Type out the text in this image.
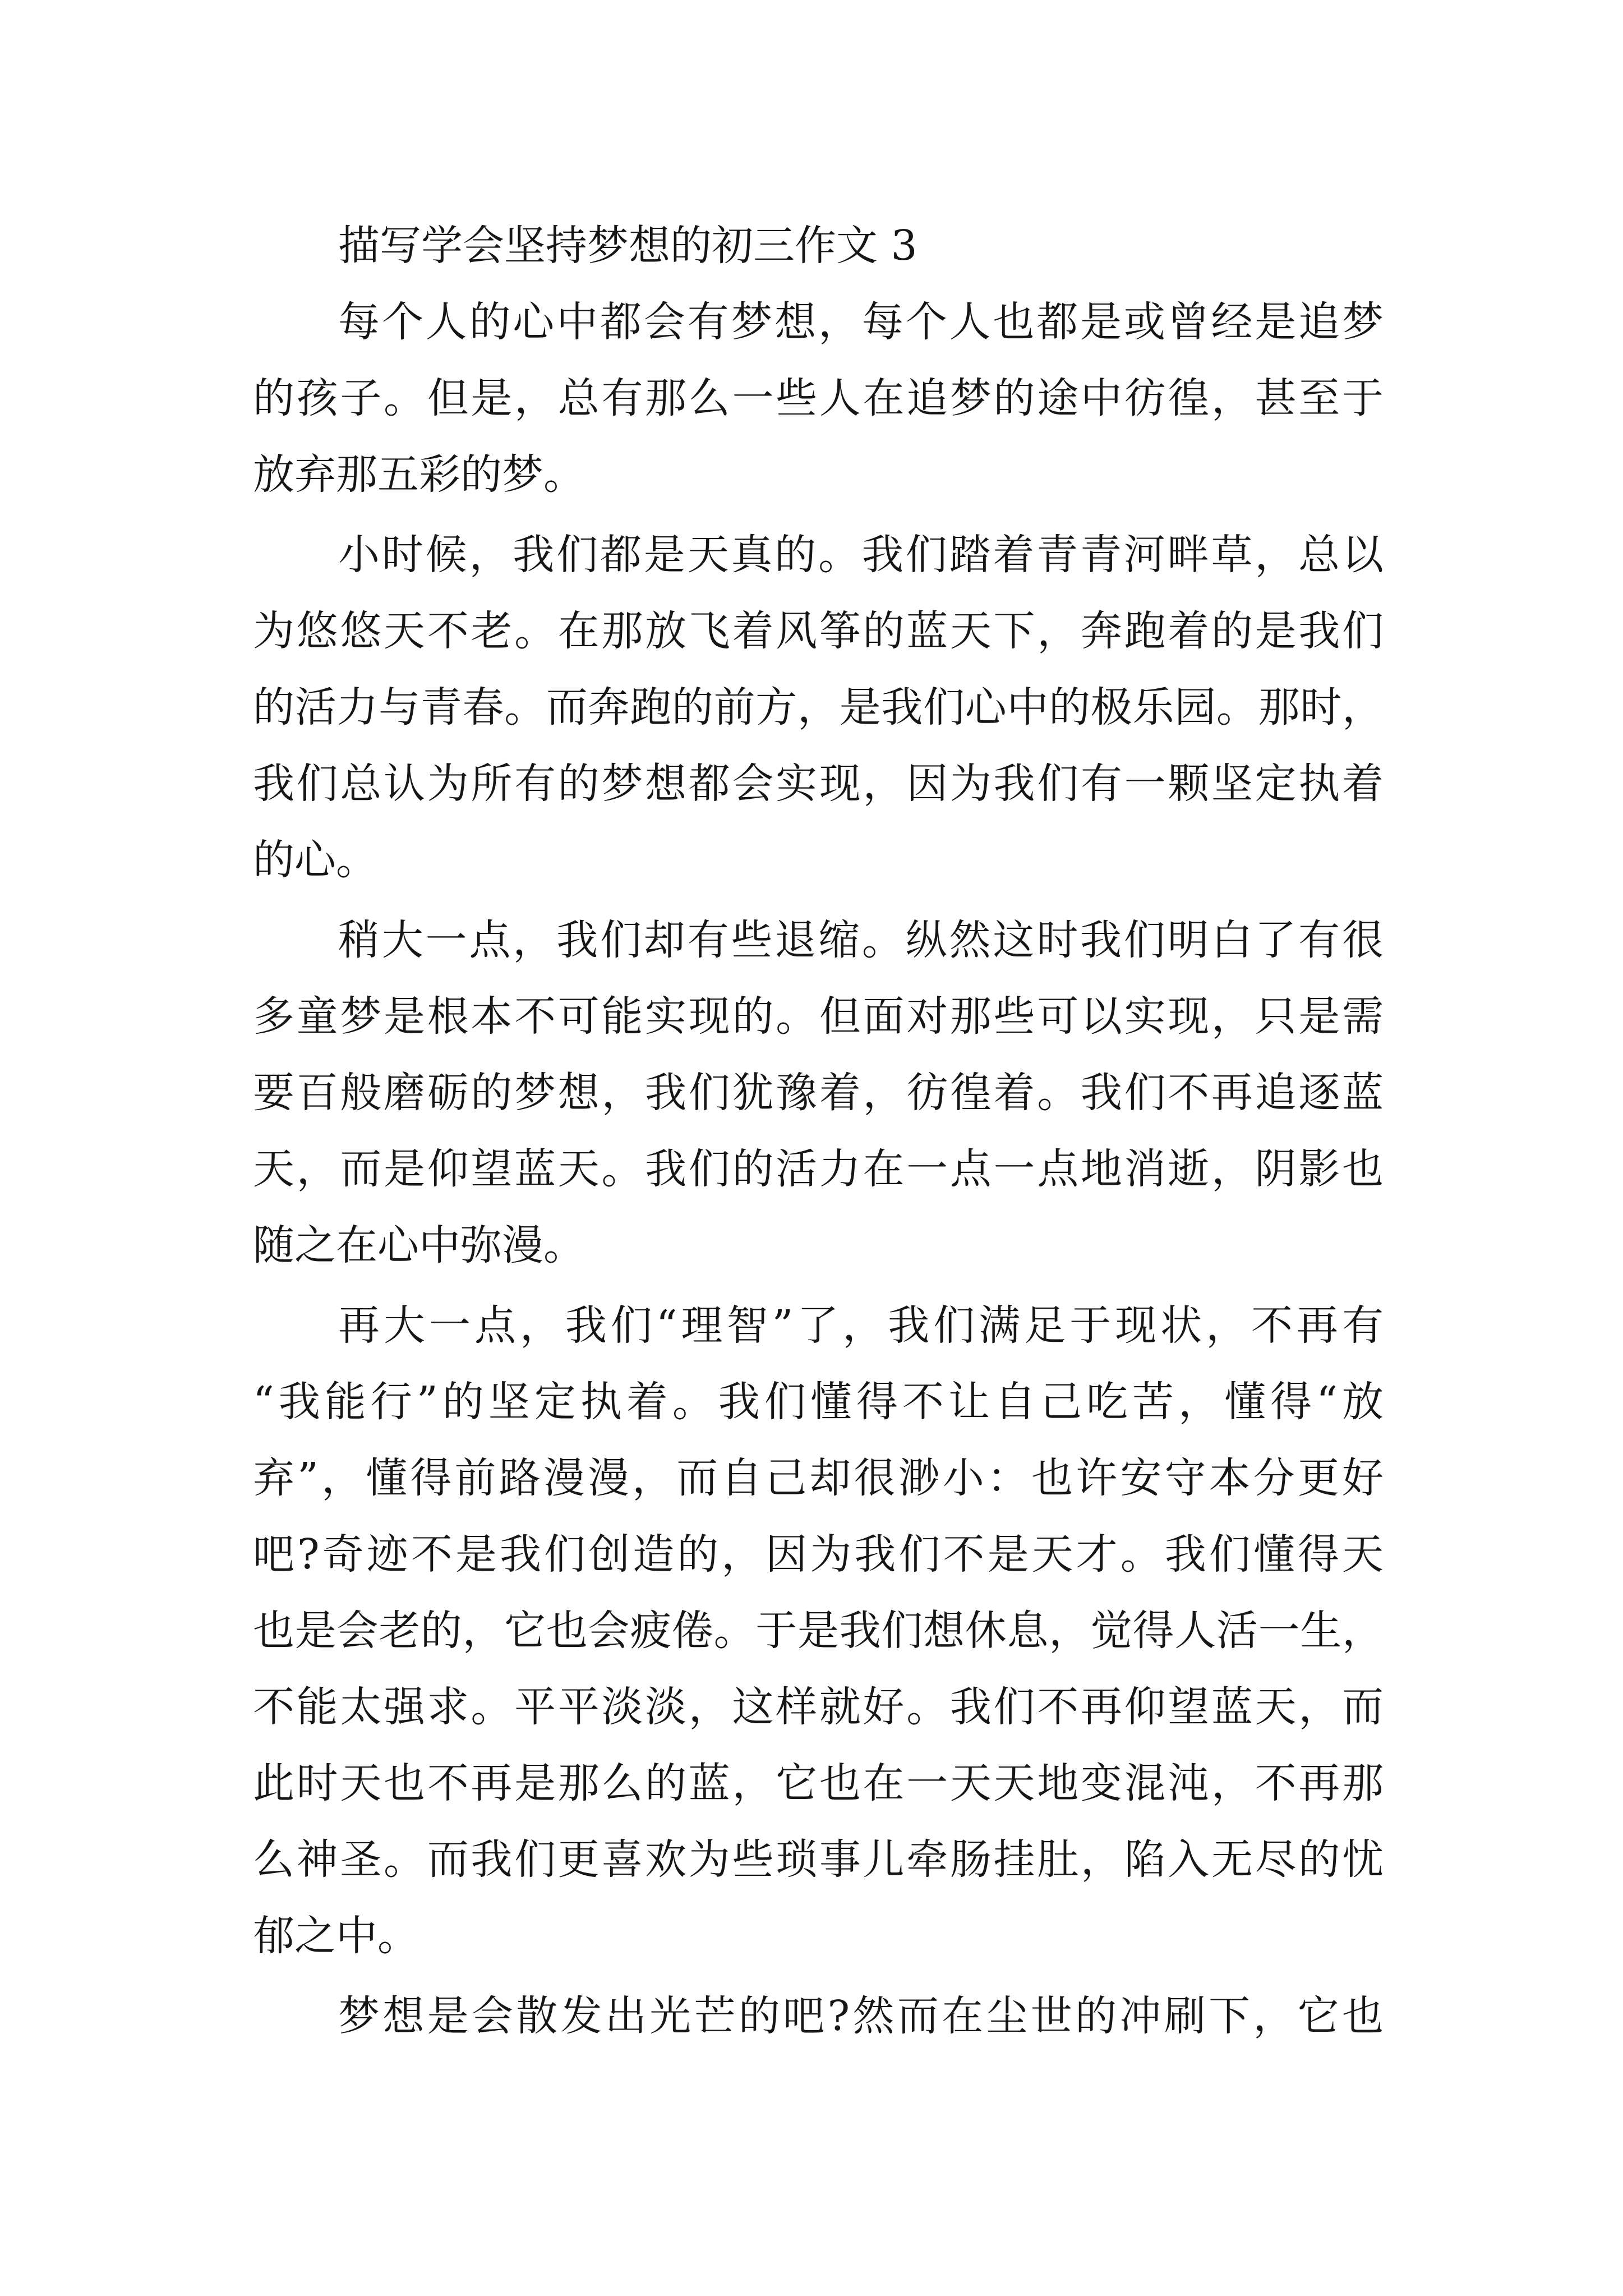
描写学会坚持梦想的初三作文 3
每个人的心中都会有梦想，每个人也都是或曾经是追梦
的孩子。但是，总有那么一些人在追梦的途中彷徨，甚至于
放弃那五彩的梦。
小时候，我们都是天真的。我们踏着青青河畔草，总以
为悠悠天不老。在那放飞着风筝的蓝天下，奔跑着的是我们
的活力与青春。而奔跑的前方，是我们心中的极乐园。那时，
我们总认为所有的梦想都会实现，因为我们有一颗坚定执着
的心。
稍大一点，我们却有些退缩。纵然这时我们明白了有很
多童梦是根本不可能实现的。但面对那些可以实现，只是需
要百般磨砺的梦想，我们犹豫着，彷徨着。我们不再追逐蓝
天，而是仰望蓝天。我们的活力在一点一点地消逝，阴影也
随之在心中弥漫。
再大一点，我们“理智”了，我们满足于现状，不再有
“我能行”的坚定执着。我们懂得不让自己吃苦，懂得“放
弃”，懂得前路漫漫，而自己却很渺小：也许安守本分更好
吧?奇迹不是我们创造的，因为我们不是天才。我们懂得天
也是会老的，它也会疲倦。于是我们想休息，觉得人活一生，
不能太强求。平平淡淡，这样就好。我们不再仰望蓝天，而
此时天也不再是那么的蓝，它也在一天天地变混沌，不再那
么神圣。而我们更喜欢为些琐事儿牵肠挂肚，陷入无尽的忧
郁之中。
梦想是会散发出光芒的吧?然而在尘世的冲刷下，它也
